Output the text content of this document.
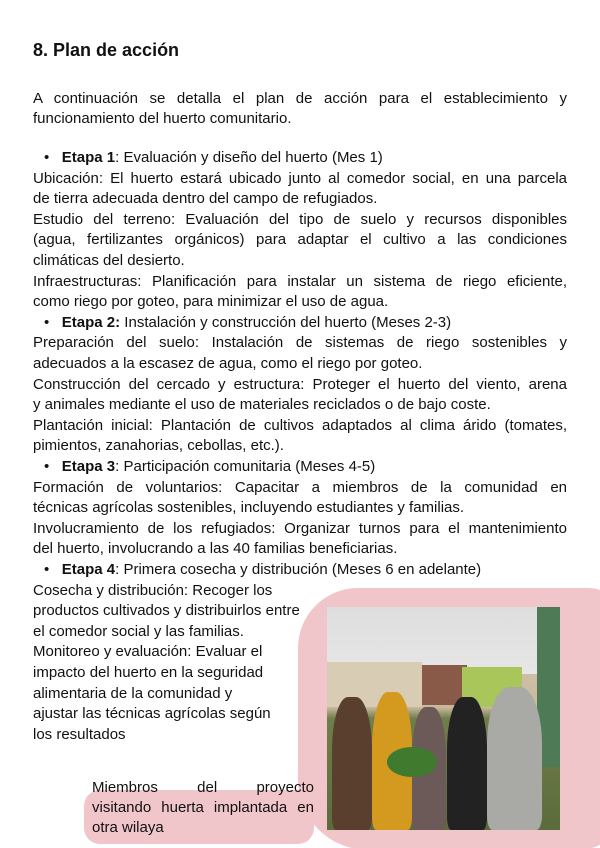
8. Plan de acción
A continuación se detalla el plan de acción para el establecimiento y
funcionamiento del huerto comunitario.
Miembros del proyecto
visitando huerta implantada en
otra wilaya
• Etapa 1: Evaluación y diseño del huerto (Mes 1)
Ubicación: El huerto estará ubicado junto al comedor social, en una parcela
de tierra adecuada dentro del campo de refugiados.
Estudio del terreno: Evaluación del tipo de suelo y recursos disponibles
(agua, fertilizantes orgánicos) para adaptar el cultivo a las condiciones
climáticas del desierto.
Infraestructuras: Planificación para instalar un sistema de riego eficiente,
como riego por goteo, para minimizar el uso de agua.
• Etapa 2: Instalación y construcción del huerto (Meses 2-3)
Preparación del suelo: Instalación de sistemas de riego sostenibles y
adecuados a la escasez de agua, como el riego por goteo.
Construcción del cercado y estructura: Proteger el huerto del viento, arena
y animales mediante el uso de materiales reciclados o de bajo coste.
Plantación inicial: Plantación de cultivos adaptados al clima árido (tomates,
pimientos, zanahorias, cebollas, etc.).
• Etapa 3: Participación comunitaria (Meses 4-5)
Formación de voluntarios: Capacitar a miembros de la comunidad en
técnicas agrícolas sostenibles, incluyendo estudiantes y familias.
Involucramiento de los refugiados: Organizar turnos para el mantenimiento
del huerto, involucrando a las 40 familias beneficiarias.
• Etapa 4: Primera cosecha y distribución (Meses 6 en adelante)
Cosecha y distribución: Recoger los
productos cultivados y distribuirlos entre
el comedor social y las familias.
Monitoreo y evaluación: Evaluar el
impacto del huerto en la seguridad
alimentaria de la comunidad y
ajustar las técnicas agrícolas según
los resultados
